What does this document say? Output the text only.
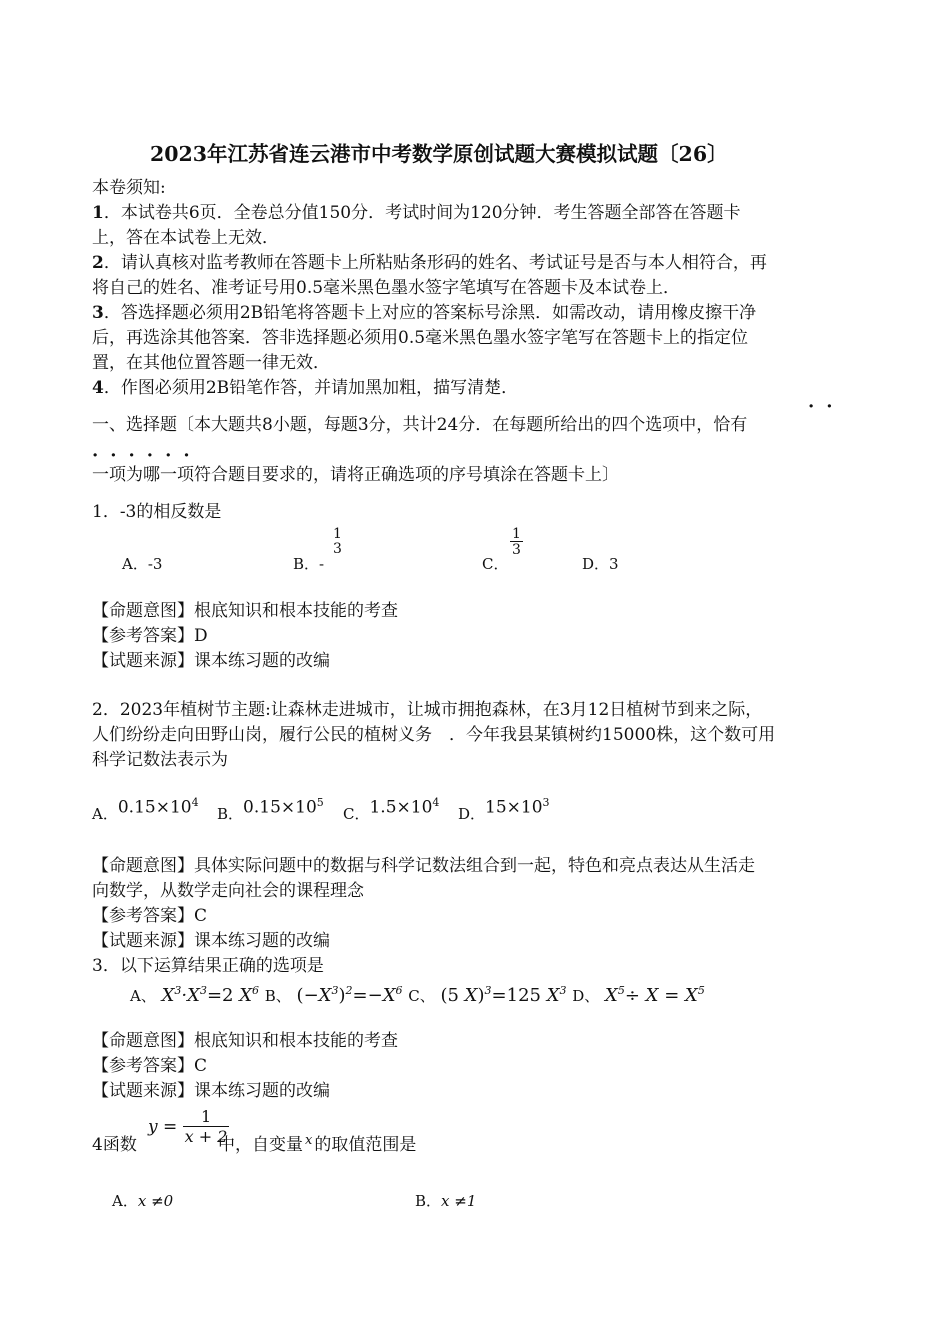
2023年江苏省连云港市中考数学原创试题大赛模拟试题〔26〕
本卷须知:
1．本试卷共6页．全卷总分值150分．考试时间为120分钟．考生答题全部答在答题卡
上，答在本试卷上无效．
2．请认真核对监考教师在答题卡上所粘贴条形码的姓名、考试证号是否与本人相符合，再
将自己的姓名、准考证号用0.5毫米黑色墨水签字笔填写在答题卡及本试卷上．
3．答选择题必须用2B铅笔将答题卡上对应的答案标号涂黑．如需改动，请用橡皮擦干净
后，再选涂其他答案．答非选择题必须用0.5毫米黑色墨水签字笔写在答题卡上的指定位
置，在其他位置答题一律无效．
4．作图必须用2B铅笔作答，并请加黑加粗，描写清楚．
一、选择题〔本大题共8小题，每题3分，共计24分．在每题所给出的四个选项中，恰有
··
······
一项为哪一项符合题目要求的，请将正确选项的序号填涂在答题卡上〕
1．-3的相反数是
A．-3	B．-
1
3
C．
$\frac{1}{3}$
D．3
【命题意图】根底知识和根本技能的考查
【参考答案】D
【试题来源】课本练习题的改编
2．2023年植树节主题:让森林走进城市，让城市拥抱森林，在3月12日植树节到来之际，
人们纷纷走向田野山岗，履行公民的植树义务　．今年我县某镇树约15000株，这个数可用
科学记数法表示为
A．$0.15\times 10^4$
B．$0.15\times 10^5$
C．$1.5\times 10^4$
D．$15\times 10^3$
【命题意图】具体实际问题中的数据与科学记数法组合到一起，特色和亮点表达从生活走
向数学，从数学走向社会的课程理念
【参考答案】C
【试题来源】课本练习题的改编
3．以下运算结果正确的选项是
A、 $X^3\cdot X^3=2$ $X^6$ B、 $(-X^3)^2=-X^6$ C、 (5 X)$^3$=125 $X^3$ D、 $X^5\div X = X^5$
【命题意图】根底知识和根本技能的考查
【参考答案】C
【试题来源】课本练习题的改编
4函数
$y = \frac{1}{x + 2}$
中，自变量 $^x$ 的取值范围是
A．x ≠0	B．x ≠1
